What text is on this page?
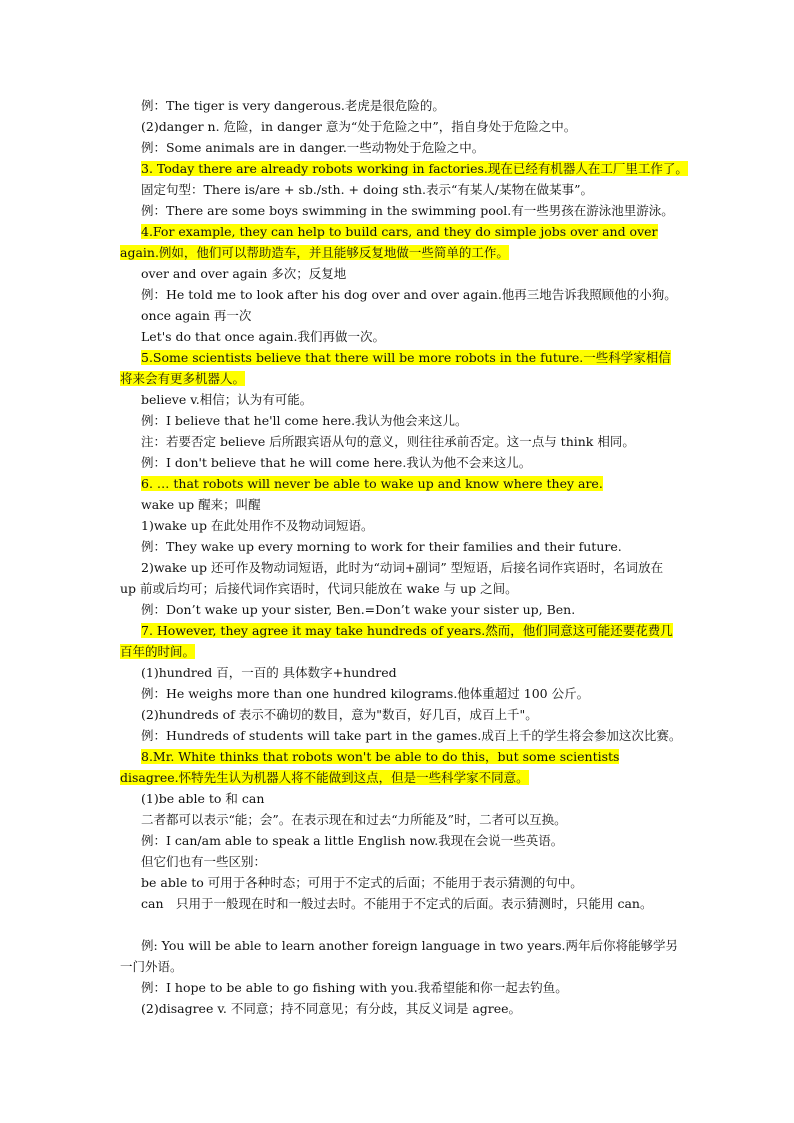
例：The tiger is very dangerous.老虎是很危险的。
(2)danger n. 危险，in danger 意为“处于危险之中”，指自身处于危险之中。
例：Some animals are in danger.一些动物处于危险之中。
3. Today there are already robots working in factories.现在已经有机器人在工厂里工作了。
固定句型：There is/are + sb./sth. + doing sth.表示“有某人/某物在做某事”。
例：There are some boys swimming in the swimming pool.有一些男孩在游泳池里游泳。
4.For example, they can help to build cars, and they do simple jobs over and over again.例如，他们可以帮助造车，并且能够反复地做一些简单的工作。
over and over again 多次；反复地
例：He told me to look after his dog over and over again.他再三地告诉我照顾他的小狗。
once again 再一次
Let's do that once again.我们再做一次。
5.Some scientists believe that there will be more robots in the future.一些科学家相信将来会有更多机器人。
believe v.相信；认为有可能。
例：I believe that he'll come here.我认为他会来这儿。
注：若要否定 believe 后所跟宾语从句的意义，则往往承前否定。这一点与 think 相同。
例：I don't believe that he will come here.我认为他不会来这儿。
6. … that robots will never be able to wake up and know where they are.
wake up 醒来；叫醒
1)wake up 在此处用作不及物动词短语。
例：They wake up every morning to work for their families and their future.
2)wake up 还可作及物动词短语，此时为“动词+副词” 型短语，后接名词作宾语时，名词放在 up 前或后均可；后接代词作宾语时，代词只能放在 wake 与 up 之间。
例：Don’t wake up your sister, Ben.=Don’t wake your sister up, Ben.
7. However, they agree it may take hundreds of years.然而，他们同意这可能还要花费几百年的时间。
(1)hundred 百，一百的 具体数字+hundred
例：He weighs more than one hundred kilograms.他体重超过 100 公斤。
(2)hundreds of 表示不确切的数目，意为"数百，好几百，成百上千"。
例：Hundreds of students will take part in the games.成百上千的学生将会参加这次比赛。
8.Mr. White thinks that robots won't be able to do this，but some scientists disagree.怀特先生认为机器人将不能做到这点，但是一些科学家不同意。
(1)be able to 和 can
二者都可以表示“能；会”。在表示现在和过去“力所能及”时，二者可以互换。
例：I can/am able to speak a little English now.我现在会说一些英语。
但它们也有一些区别：
be able to 可用于各种时态；可用于不定式的后面；不能用于表示猜测的句中。
can　只用于一般现在时和一般过去时。不能用于不定式的后面。表示猜测时，只能用 can。
例: You will be able to learn another foreign language in two years.两年后你将能够学另一门外语。
例：I hope to be able to go fishing with you.我希望能和你一起去钓鱼。
(2)disagree v. 不同意；持不同意见；有分歧，其反义词是 agree。
